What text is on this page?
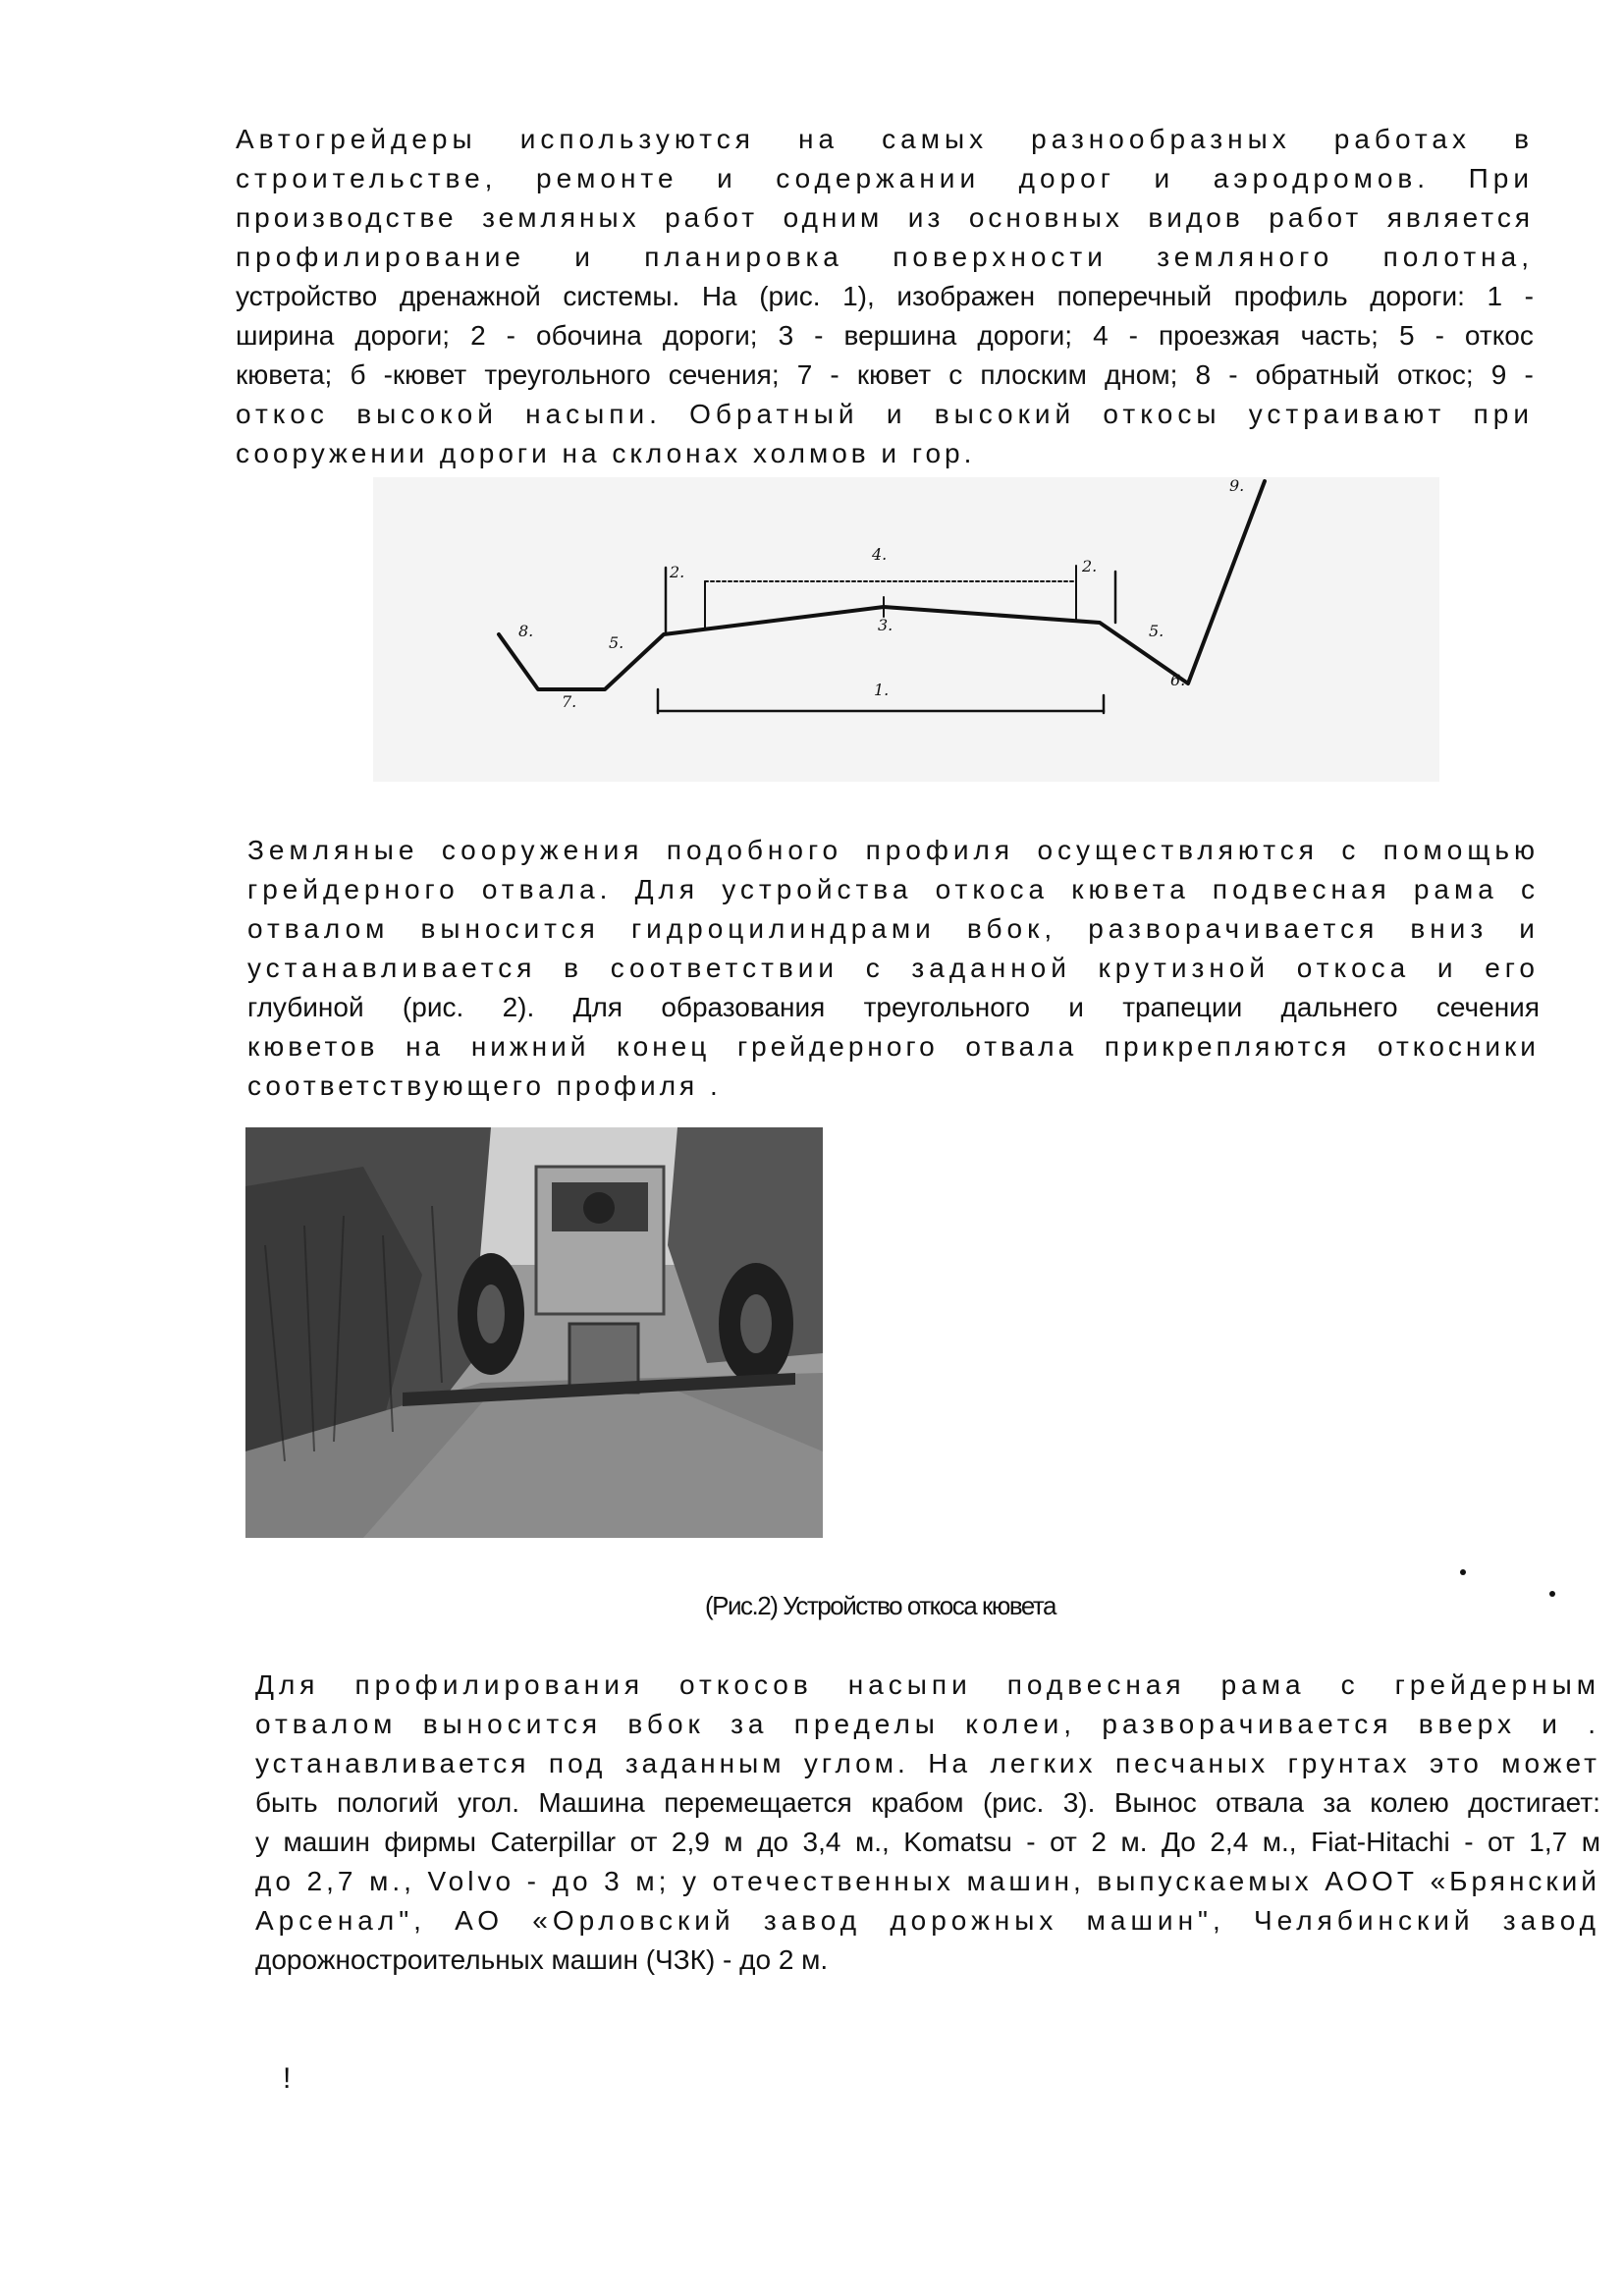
Автогрейдеры используются на самых разнообразных работах в
строительстве, ремонте и содержании дорог и аэродромов. При
производстве земляных работ одним из основных видов работ является
профилирование и планировка поверхности земляного полотна,
устройство дренажной системы. На (рис. 1), изображен поперечный профиль дороги: 1 -
ширина дороги; 2 - обочина дороги; 3 - вершина дороги; 4 - проезжая часть; 5 - откос
кювета; б -кювет треугольного сечения; 7 - кювет с плоским дном; 8 - обратный откос; 9 -
откос высокой насыпи. Обратный и высокий откосы устраивают при
сооружении дороги на склонах холмов и гор.
8.
5.
7.
2.
4.
3.
2.
5.
6.
1.
9.
Земляные сооружения подобного профиля осуществляются с помощью
грейдерного отвала. Для устройства откоса кювета подвесная рама с
отвалом выносится гидроцилиндрами вбок, разворачивается вниз и
устанавливается в соответствии с заданной крутизной откоса и его
глубиной (рис. 2). Для образования треугольного и трапеции дальнего сечения
кюветов на нижний конец грейдерного отвала прикрепляются откосники
соответствующего профиля .
(Рис.2) Устройство откоса кювета
Для профилирования откосов насыпи подвесная рама с грейдерным
отвалом выносится вбок за пределы колеи, разворачивается вверх и .
устанавливается под заданным углом. На легких песчаных грунтах это может
быть пологий угол. Машина перемещается крабом (рис. 3). Вынос отвала за колею достигает:
у машин фирмы Caterpillar от 2,9 м до 3,4 м., Komatsu - от 2 м. До 2,4 м., Fiat-Hitachi - от 1,7 м
до 2,7 м., Volvo - до 3 м; у отечественных машин, выпускаемых АООТ «Брянский
Арсенал", АО «Орловский завод дорожных машин", Челябинский завод
дорожностроительных машин (ЧЗК) - до 2 м.
!
